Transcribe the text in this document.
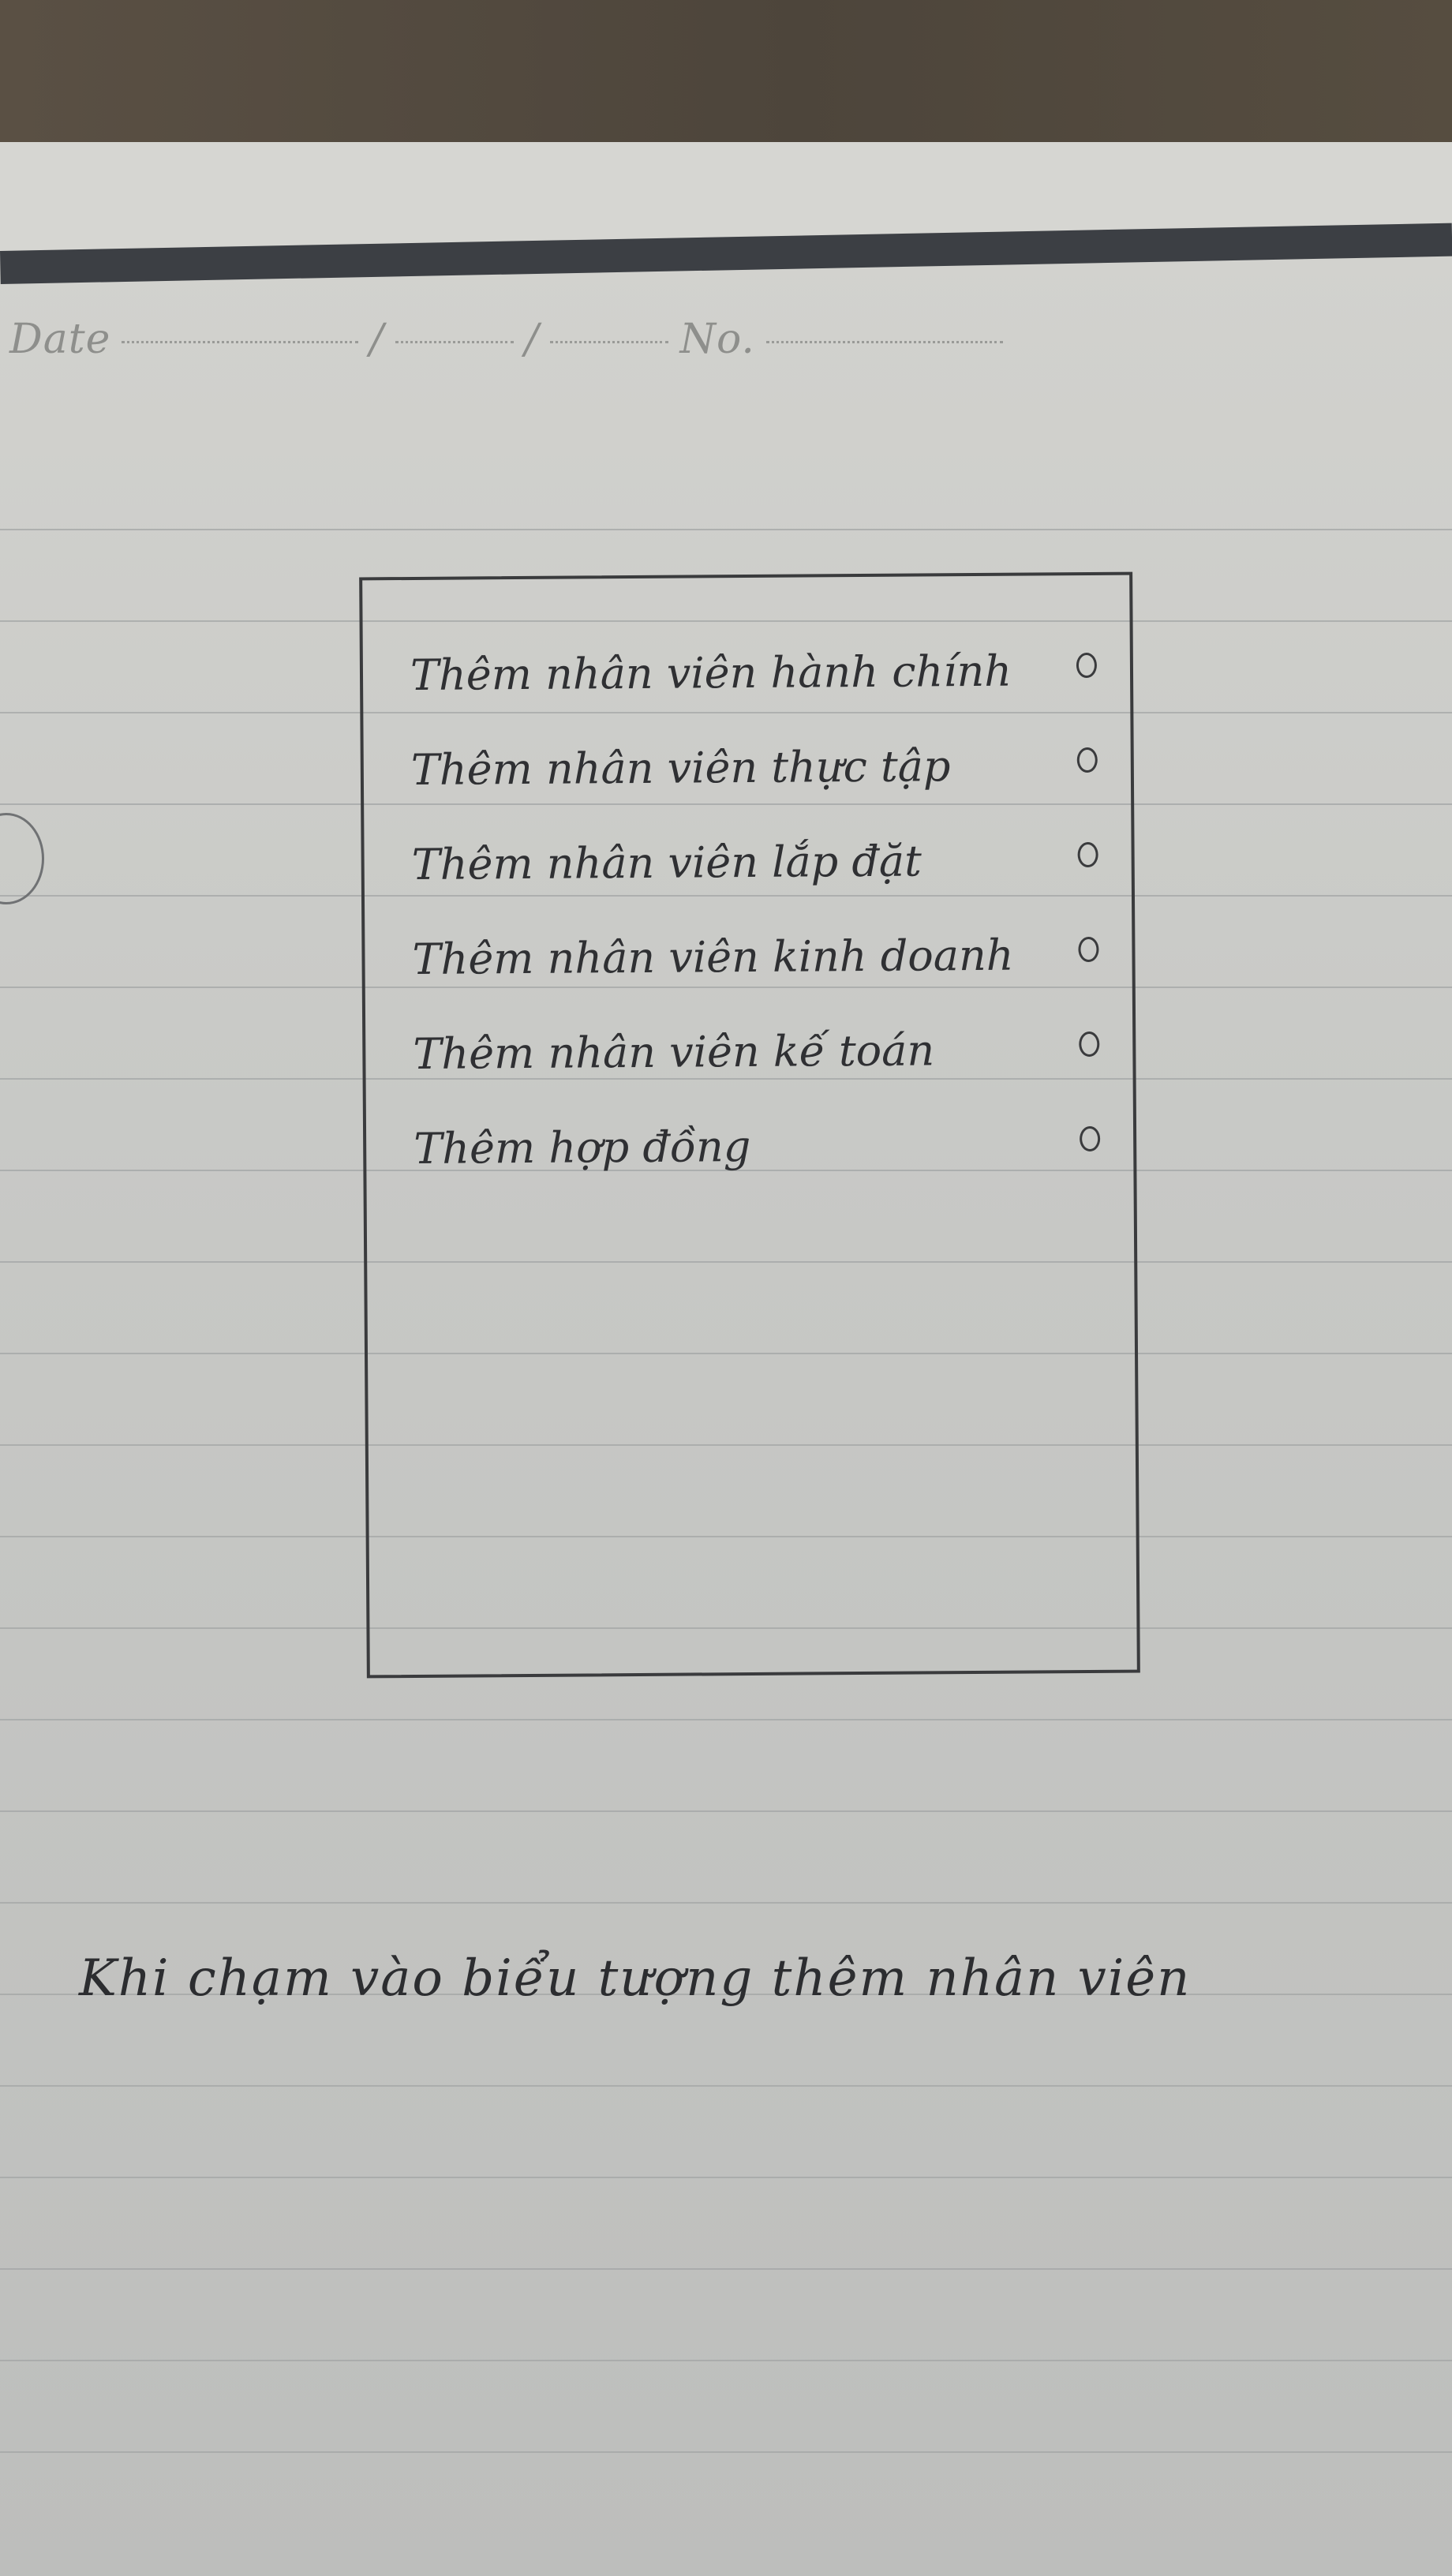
Date	/	/	No.
Thêm nhân viên hành chính
Thêm nhân viên thực tập
Thêm nhân viên lắp đặt
Thêm nhân viên kinh doanh
Thêm nhân viên kế toán
Thêm hợp đồng
Khi chạm vào biểu tượng thêm nhân viên
